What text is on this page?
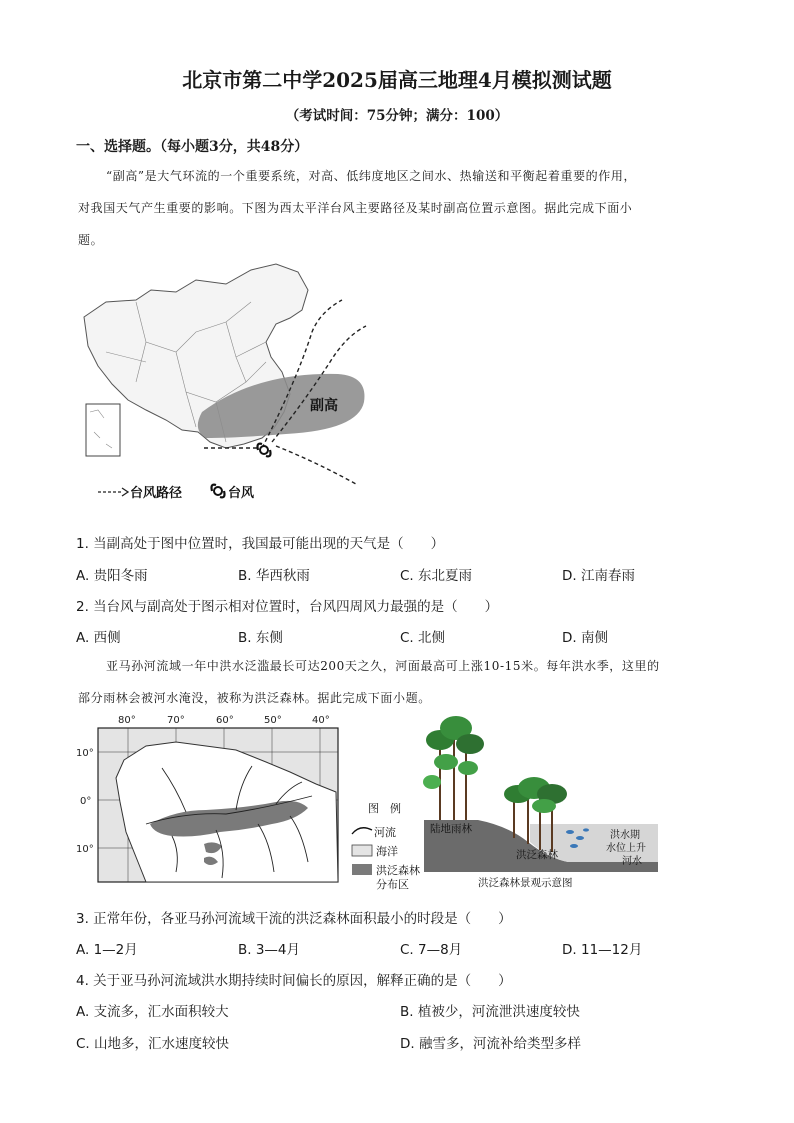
北京市第二中学2025届高三地理4月模拟测试题
（考试时间：75分钟；满分：100）
一、选择题。（每小题3分，共48分）
“副高”是大气环流的一个重要系统，对高、低纬度地区之间水、热输送和平衡起着重要的作用，
对我国天气产生重要的影响。下图为西太平洋台风主要路径及某时副高位置示意图。据此完成下面小
题。
副高
台风路径	台风
1. 当副高处于图中位置时，我国最可能出现的天气是（　　）
A. 贵阳冬雨	B. 华西秋雨	C. 东北夏雨	D. 江南春雨
2. 当台风与副高处于图示相对位置时，台风四周风力最强的是（　　）
A. 西侧	B. 东侧	C. 北侧	D. 南侧
亚马孙河流域一年中洪水泛滥最长可达200天之久，河面最高可上涨10-15米。每年洪水季，这里的
部分雨林会被河水淹没，被称为洪泛森林。据此完成下面小题。
80°	70°	60°	50°	40°
10°
0°
10°
图　例
河流
海洋
洪泛森林
分布区
陆地雨林
洪泛森林
洪水期
水位上升
河水
洪泛森林景观示意图
3. 正常年份，各亚马孙河流域干流的洪泛森林面积最小的时段是（　　）
A. 1—2月	B. 3—4月	C. 7—8月	D. 11—12月
4. 关于亚马孙河流域洪水期持续时间偏长的原因，解释正确的是（　　）
A. 支流多，汇水面积较大	B. 植被少，河流泄洪速度较快
C. 山地多，汇水速度较快	D. 融雪多，河流补给类型多样
